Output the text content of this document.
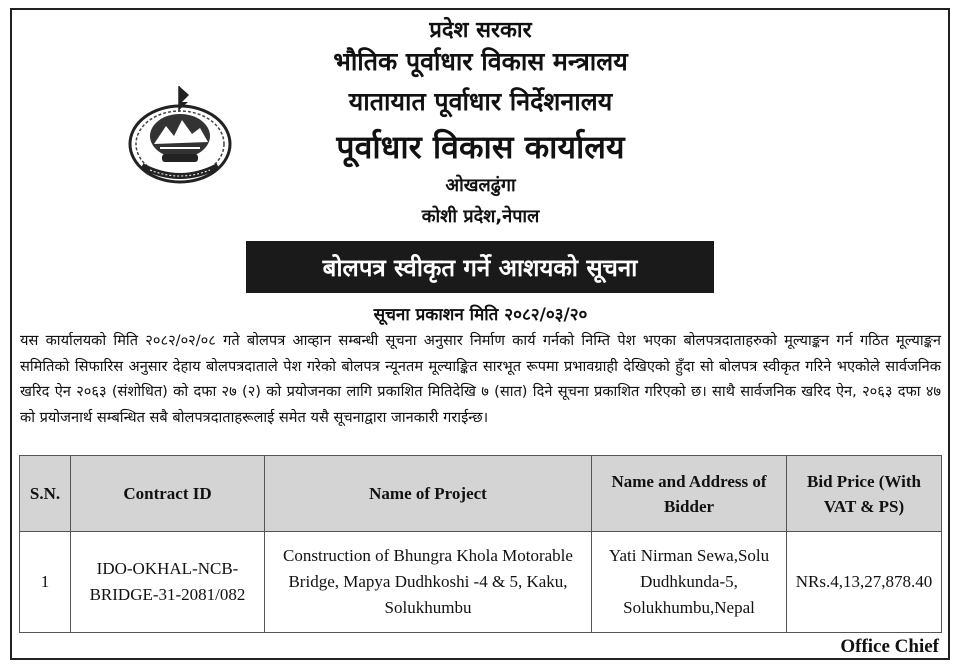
प्रदेश सरकार
भौतिक पूर्वाधार विकास मन्त्रालय
यातायात पूर्वाधार निर्देशनालय
पूर्वाधार विकास कार्यालय
ओखलढुंगा
कोशी प्रदेश,नेपाल
बोलपत्र स्वीकृत गर्ने आशयको सूचना
सूचना प्रकाशन मिति २०८२/०३/२०
यस कार्यालयको मिति २०८२/०२/०८ गते बोलपत्र आव्हान सम्बन्धी सूचना अनुसार निर्माण कार्य गर्नको निम्ति पेश भएका बोलपत्रदाताहरुको मूल्याङ्कन गर्न गठित मूल्याङ्कन समितिको सिफारिस अनुसार देहाय बोलपत्रदाताले पेश गरेको बोलपत्र न्यूनतम मूल्याङ्कित सारभूत रूपमा प्रभावग्राही देखिएको हुँदा सो बोलपत्र स्वीकृत गरिने भएकोले सार्वजनिक खरिद ऐन २०६३ (संशोधित) को दफा २७ (२) को प्रयोजनका लागि प्रकाशित मितिदेखि ७ (सात) दिने सूचना प्रकाशित गरिएको छ। साथै सार्वजनिक खरिद ऐन, २०६३ दफा ४७ को प्रयोजनार्थ सम्बन्धित सबै बोलपत्रदाताहरूलाई समेत यसै सूचनाद्वारा जानकारी गराईन्छ।
S.N.	Contract ID	Name of Project	Name and Address of Bidder	Bid Price (With VAT & PS)
1	IDO-OKHAL-NCB-BRIDGE-31-2081/082	Construction of Bhungra Khola Motorable Bridge, Mapya Dudhkoshi -4 & 5, Kaku, Solukhumbu	Yati Nirman Sewa,Solu Dudhkunda-5, Solukhumbu,Nepal	NRs.4,13,27,878.40
Office Chief
